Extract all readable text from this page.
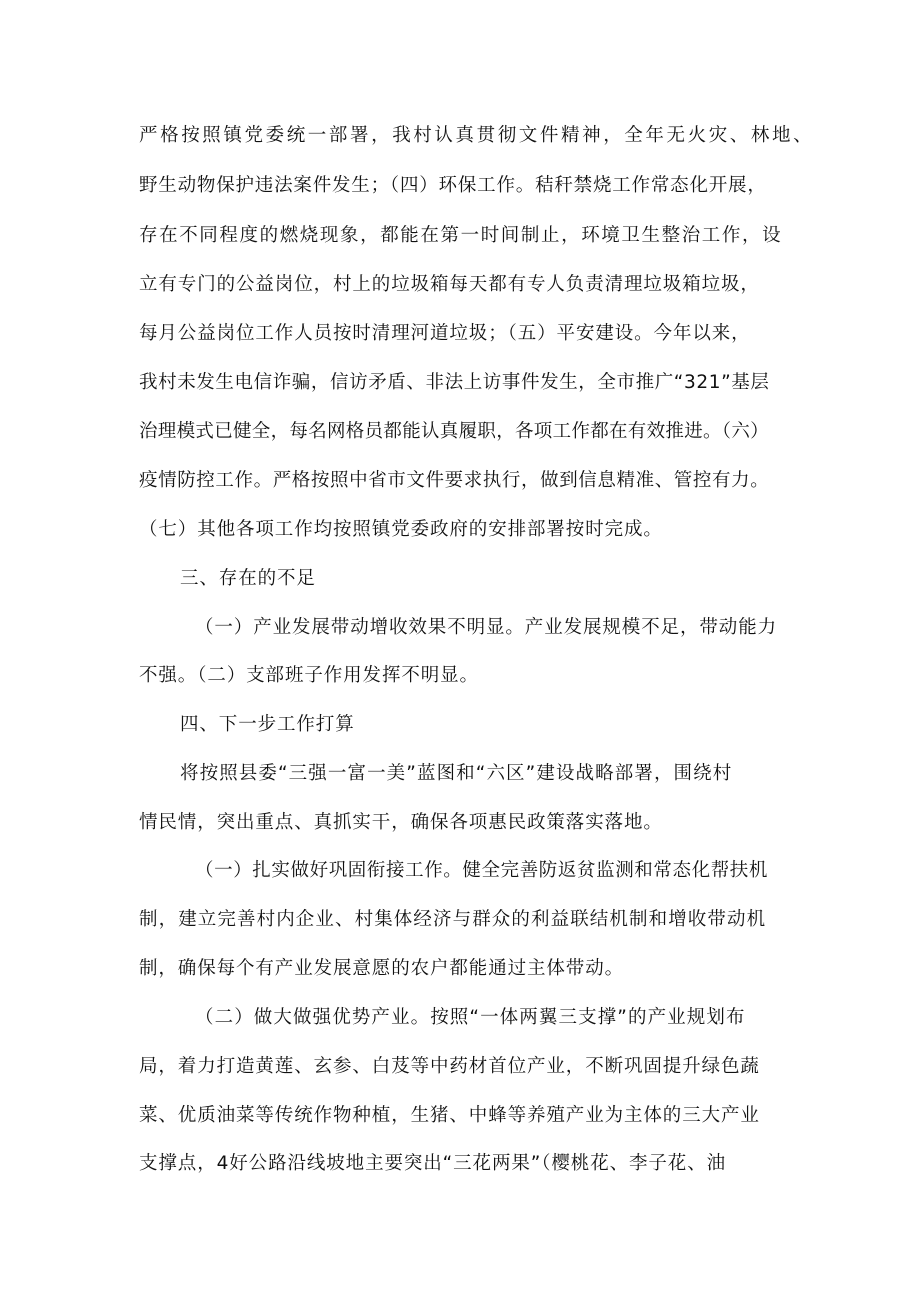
严格按照镇党委统一部署，我村认真贯彻文件精神，全年无火灾、林地、
野生动物保护违法案件发生；（四）环保工作。秸秆禁烧工作常态化开展，
存在不同程度的燃烧现象，都能在第一时间制止，环境卫生整治工作，设
立有专门的公益岗位，村上的垃圾箱每天都有专人负责清理垃圾箱垃圾，
每月公益岗位工作人员按时清理河道垃圾；（五）平安建设。今年以来，
我村未发生电信诈骗，信访矛盾、非法上访事件发生，全市推广“321”基层
治理模式已健全，每名网格员都能认真履职，各项工作都在有效推进。（六）
疫情防控工作。严格按照中省市文件要求执行，做到信息精准、管控有力。
（七）其他各项工作均按照镇党委政府的安排部署按时完成。
三、存在的不足
（一）产业发展带动增收效果不明显。产业发展规模不足，带动能力
不强。（二）支部班子作用发挥不明显。
四、下一步工作打算
将按照县委“三强一富一美”蓝图和“六区”建设战略部署，围绕村
情民情，突出重点、真抓实干，确保各项惠民政策落实落地。
（一）扎实做好巩固衔接工作。健全完善防返贫监测和常态化帮扶机
制，建立完善村内企业、村集体经济与群众的利益联结机制和增收带动机
制，确保每个有产业发展意愿的农户都能通过主体带动。
（二）做大做强优势产业。按照“一体两翼三支撑”的产业规划布
局，着力打造黄莲、玄参、白芨等中药材首位产业，不断巩固提升绿色蔬
菜、优质油菜等传统作物种植，生猪、中蜂等养殖产业为主体的三大产业
支撑点，4好公路沿线坡地主要突出“三花两果”（樱桃花、李子花、油
